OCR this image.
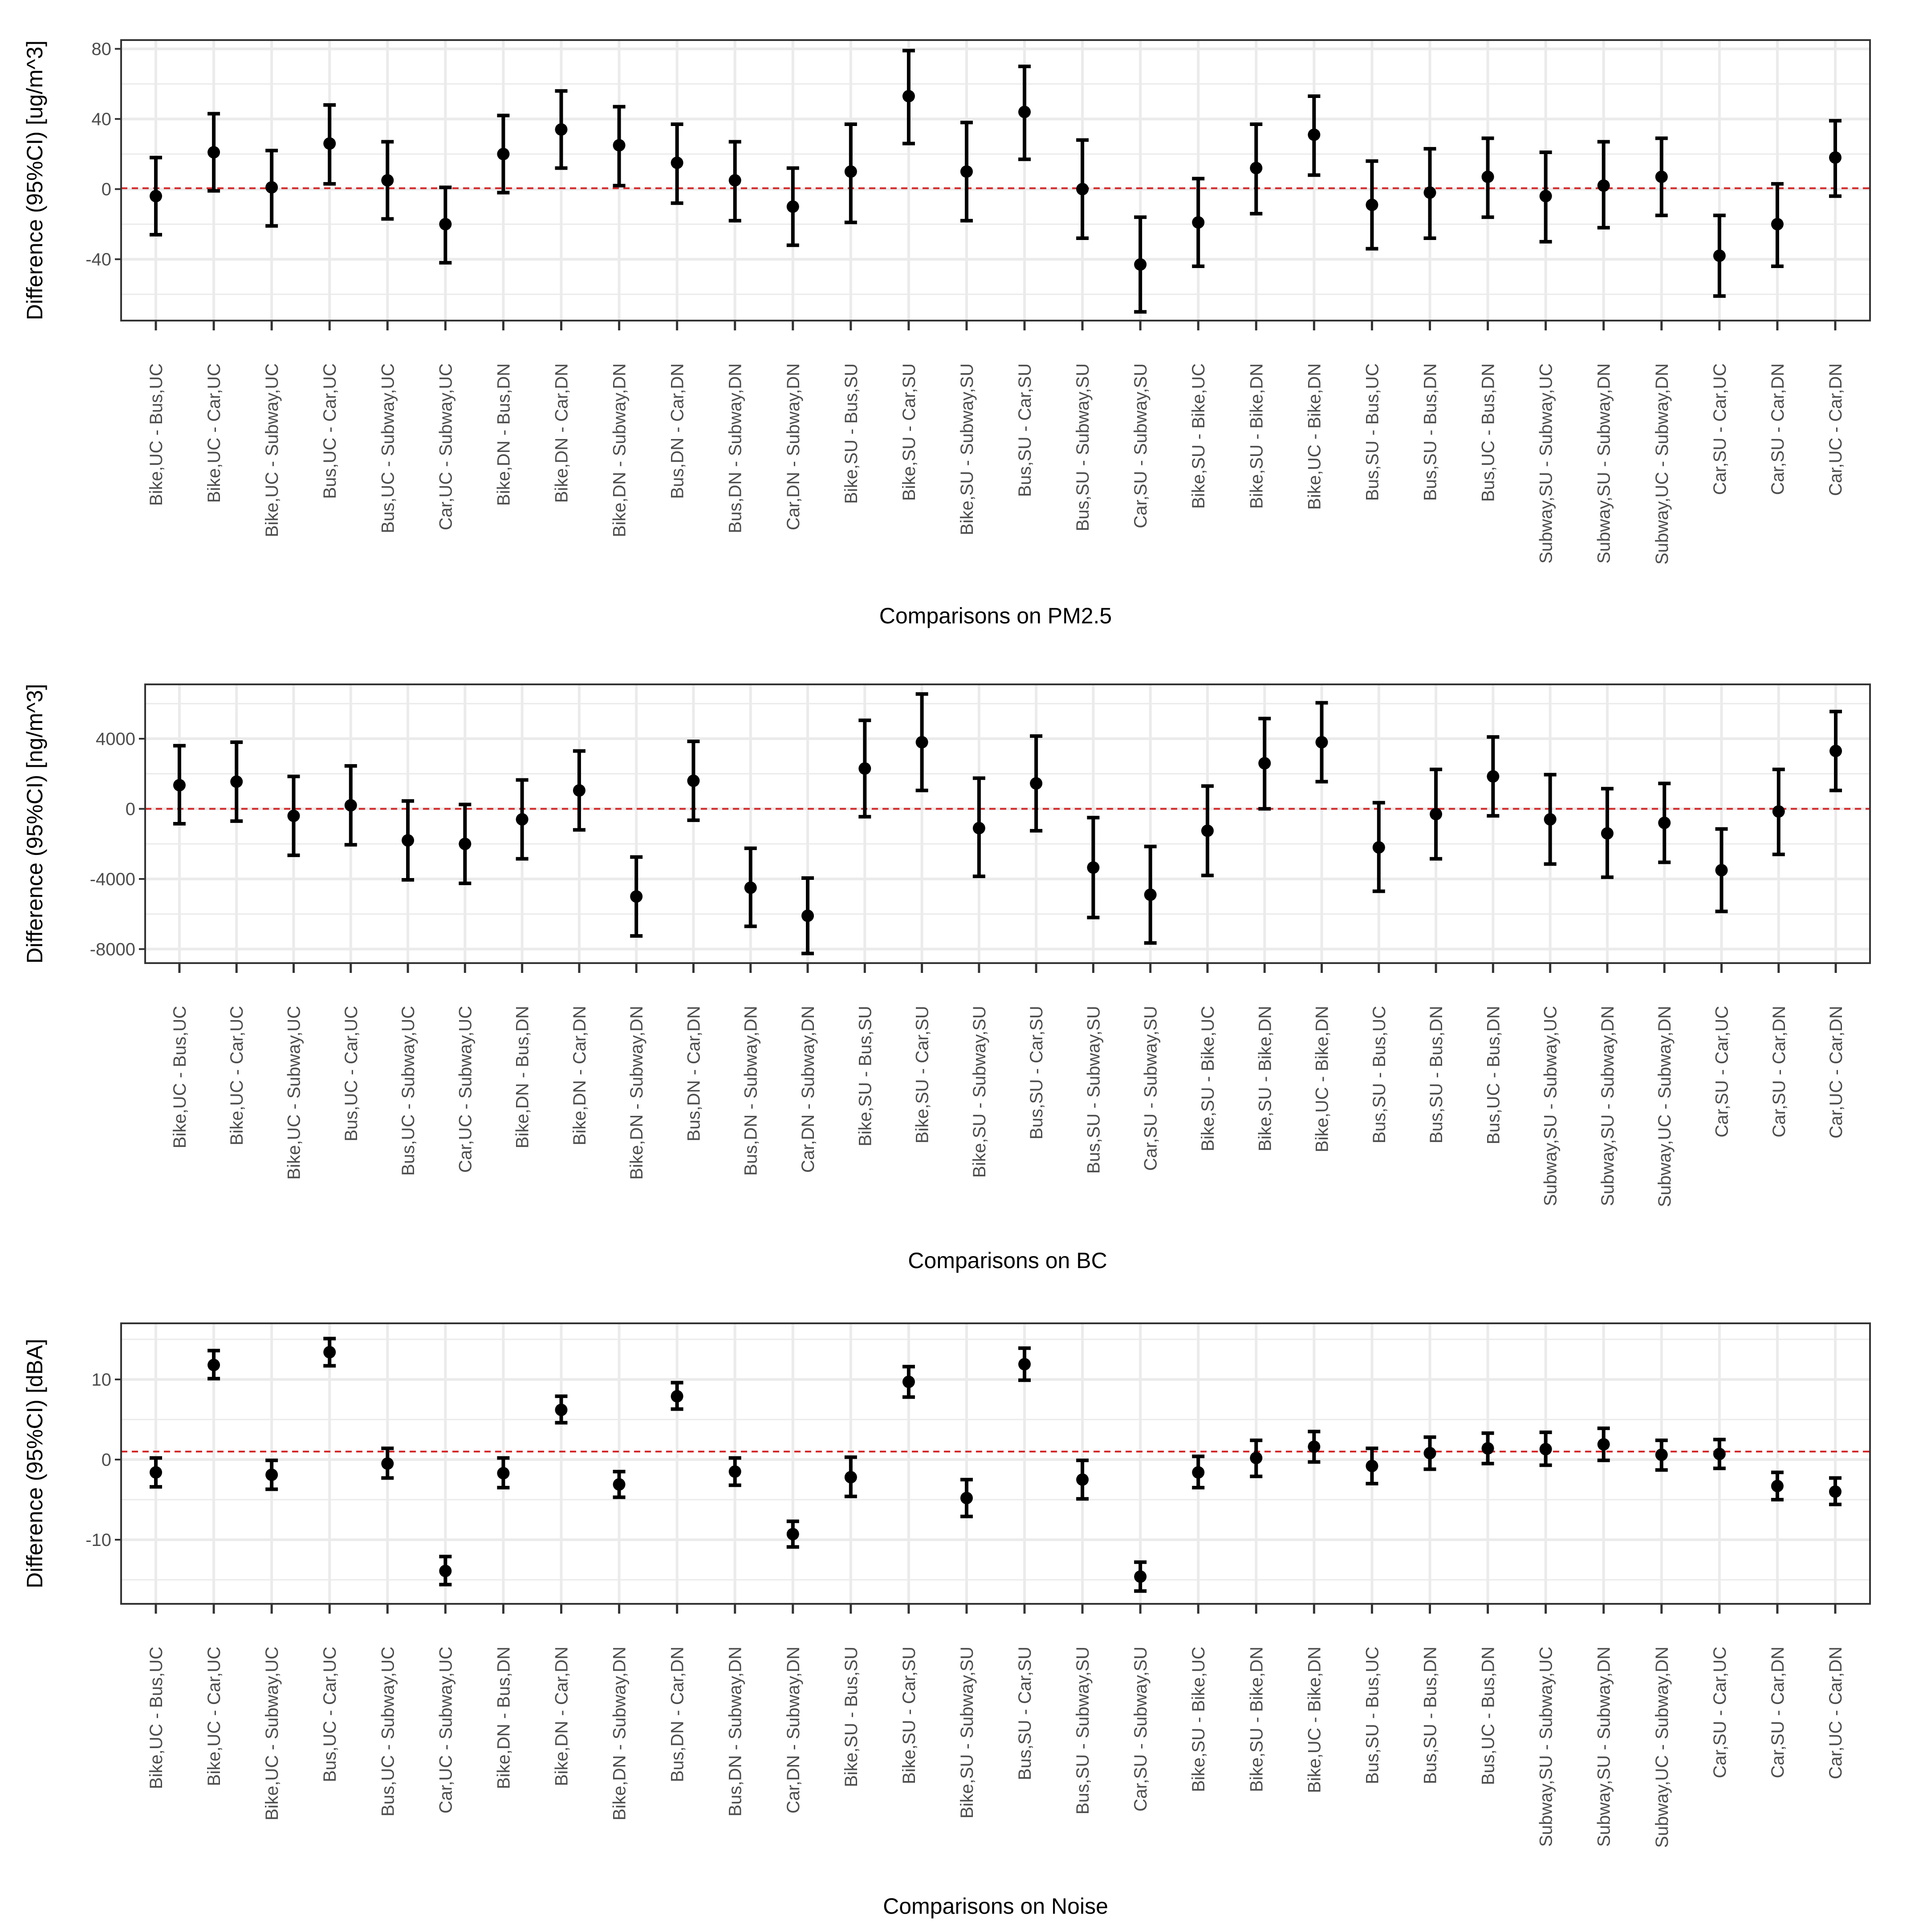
80
40
0
-40
Bike,UC - Bus,UC Bike,UC - Car,UC Bike,UC - Subway,UC Bus,UC - Car,UC Bus,UC - Subway,UC Car,UC - Subway,UC Bike,DN - Bus,DN Bike,DN - Car,DN Bike,DN - Subway,DN Bus,DN - Car,DN Bus,DN - Subway,DN Car,DN - Subway,DN Bike,SU - Bus,SU Bike,SU - Car,SU Bike,SU - Subway,SU Bus,SU - Car,SU Bus,SU - Subway,SU Car,SU - Subway,SU Bike,SU - Bike,UC Bike,SU - Bike,DN Bike,UC - Bike,DN Bus,SU - Bus,UC Bus,SU - Bus,DN Bus,UC - Bus,DN Subway,SU - Subway,UC Subway,SU - Subway,DN Subway,UC - Subway,DN Car,SU - Car,UC Car,SU - Car,DN Car,UC - Car,DN
Comparisons on PM2.5
Difference (95%CI) [ug/m^3]
4000
0
-4000
-8000
Bike,UC - Bus,UC Bike,UC - Car,UC Bike,UC - Subway,UC Bus,UC - Car,UC Bus,UC - Subway,UC Car,UC - Subway,UC Bike,DN - Bus,DN Bike,DN - Car,DN Bike,DN - Subway,DN Bus,DN - Car,DN Bus,DN - Subway,DN Car,DN - Subway,DN Bike,SU - Bus,SU Bike,SU - Car,SU Bike,SU - Subway,SU Bus,SU - Car,SU Bus,SU - Subway,SU Car,SU - Subway,SU Bike,SU - Bike,UC Bike,SU - Bike,DN Bike,UC - Bike,DN Bus,SU - Bus,UC Bus,SU - Bus,DN Bus,UC - Bus,DN Subway,SU - Subway,UC Subway,SU - Subway,DN Subway,UC - Subway,DN Car,SU - Car,UC Car,SU - Car,DN Car,UC - Car,DN
Comparisons on BC
Difference (95%CI) [ng/m^3]
10
0
-10
Bike,UC - Bus,UC Bike,UC - Car,UC Bike,UC - Subway,UC Bus,UC - Car,UC Bus,UC - Subway,UC Car,UC - Subway,UC Bike,DN - Bus,DN Bike,DN - Car,DN Bike,DN - Subway,DN Bus,DN - Car,DN Bus,DN - Subway,DN Car,DN - Subway,DN Bike,SU - Bus,SU Bike,SU - Car,SU Bike,SU - Subway,SU Bus,SU - Car,SU Bus,SU - Subway,SU Car,SU - Subway,SU Bike,SU - Bike,UC Bike,SU - Bike,DN Bike,UC - Bike,DN Bus,SU - Bus,UC Bus,SU - Bus,DN Bus,UC - Bus,DN Subway,SU - Subway,UC Subway,SU - Subway,DN Subway,UC - Subway,DN Car,SU - Car,UC Car,SU - Car,DN Car,UC - Car,DN
Comparisons on Noise
Difference (95%CI) [dBA]
